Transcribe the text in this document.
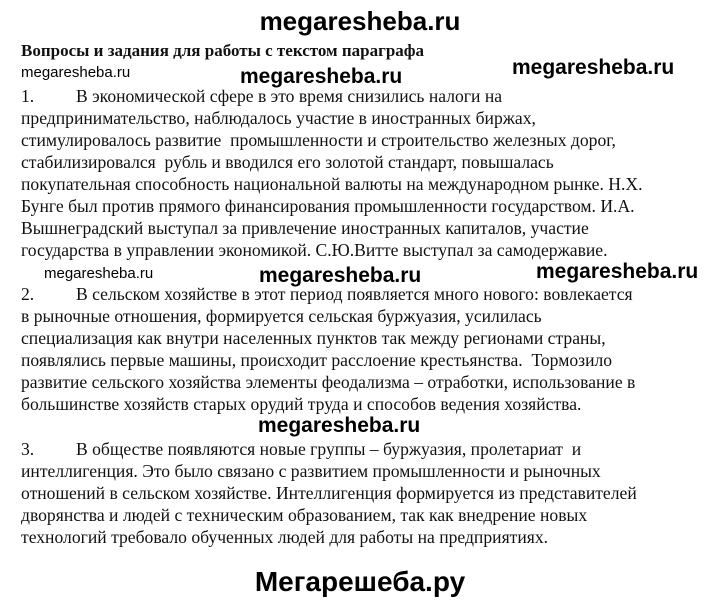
megaresheba.ru
Вопросы и задания для работы с текстом параграфа
megaresheba.ru	megaresheba.ru	megaresheba.ru
1. В экономической сфере в это время снизились налоги на
предпринимательство, наблюдалось участие в иностранных биржах,
стимулировалось развитие  промышленности и строительство железных дорог,
стабилизировался  рубль и вводился его золотой стандарт, повышалась
покупательная способность национальной валюты на международном рынке. Н.Х.
Бунге был против прямого финансирования промышленности государством. И.А.
Вышнеградский выступал за привлечение иностранных капиталов, участие
государства в управлении экономикой. С.Ю.Витте выступал за самодержавие.
megaresheba.ru	megaresheba.ru	megaresheba.ru
2. В сельском хозяйстве в этот период появляется много нового: вовлекается
в рыночные отношения, формируется сельская буржуазия, усилилась
специализация как внутри населенных пунктов так между регионами страны,
появлялись первые машины, происходит расслоение крестьянства.  Тормозило
развитие сельского хозяйства элементы феодализма – отработки, использование в
большинстве хозяйств старых орудий труда и способов ведения хозяйства.
megaresheba.ru
3. В обществе появляются новые группы – буржуазия, пролетариат  и
интеллигенция. Это было связано с развитием промышленности и рыночных
отношений в сельском хозяйстве. Интеллигенция формируется из представителей
дворянства и людей с техническим образованием, так как внедрение новых
технологий требовало обученных людей для работы на предприятиях.
Мегарешеба.ру
